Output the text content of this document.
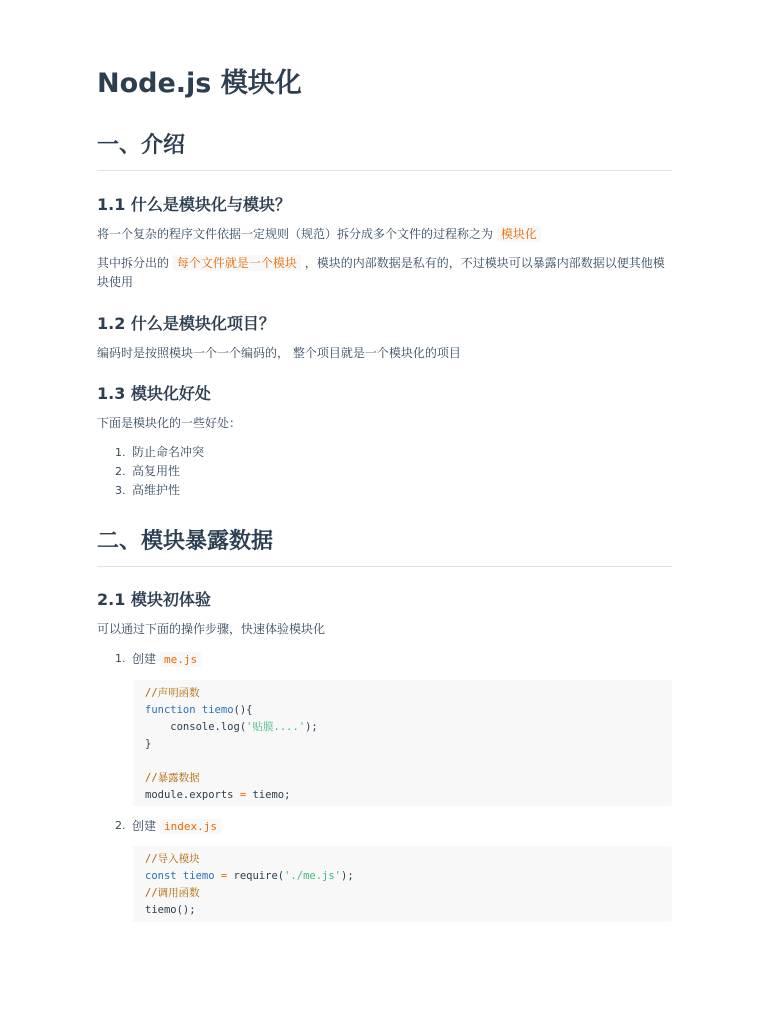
Node.js 模块化
一、介绍
1.1 什么是模块化与模块？

将一个复杂的程序文件依据一定规则（规范）拆分成多个文件的过程称之为 模块化

其中拆分出的 每个文件就是一个模块 ，模块的内部数据是私有的，不过模块可以暴露内部数据以便其他模块使用

1.2 什么是模块化项目？

编码时是按照模块一个一个编码的， 整个项目就是一个模块化的项目

1.3 模块化好处

下面是模块化的一些好处：

1. 防止命名冲突
2. 高复用性
3. 高维护性
二、模块暴露数据
2.1 模块初体验

可以通过下面的操作步骤，快速体验模块化

1. 创建 me.js
//声明函数
function tiemo(){
console.log('贴膜....');
}
//暴露数据
module.exports = tiemo;
2. 创建 index.js
//导入模块
const tiemo = require('./me.js');
//调用函数
tiemo();
